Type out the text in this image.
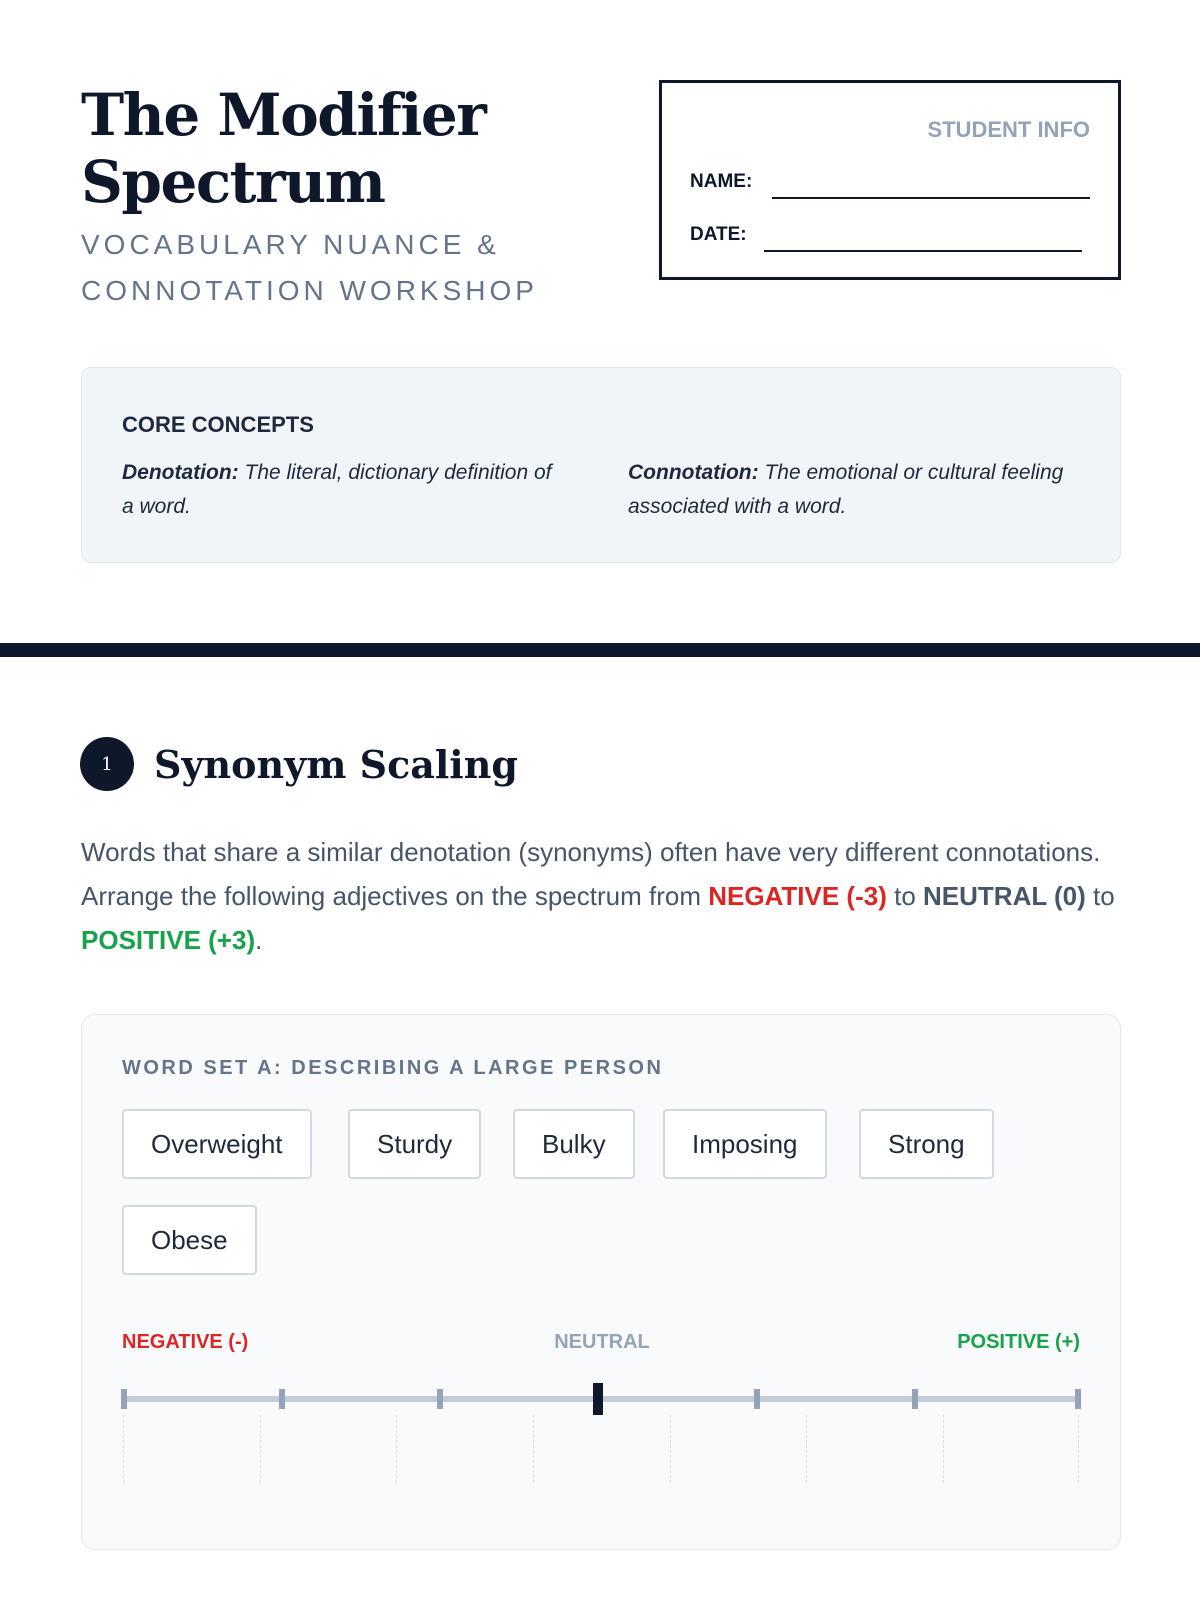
The Modifier Spectrum
VOCABULARY NUANCE & CONNOTATION WORKSHOP
STUDENT INFO
NAME:
DATE:
CORE CONCEPTS
Denotation: The literal, dictionary definition of a word.
Connotation: The emotional or cultural feeling associated with a word.
1	Synonym Scaling

Words that share a similar denotation (synonyms) often have very different connotations. Arrange the following adjectives on the spectrum from NEGATIVE (-3) to NEUTRAL (0) to POSITIVE (+3).

WORD SET A: DESCRIBING A LARGE PERSON
Overweight	Sturdy	Bulky	Imposing	Strong
Obese
NEGATIVE (-)	NEUTRAL	POSITIVE (+)
